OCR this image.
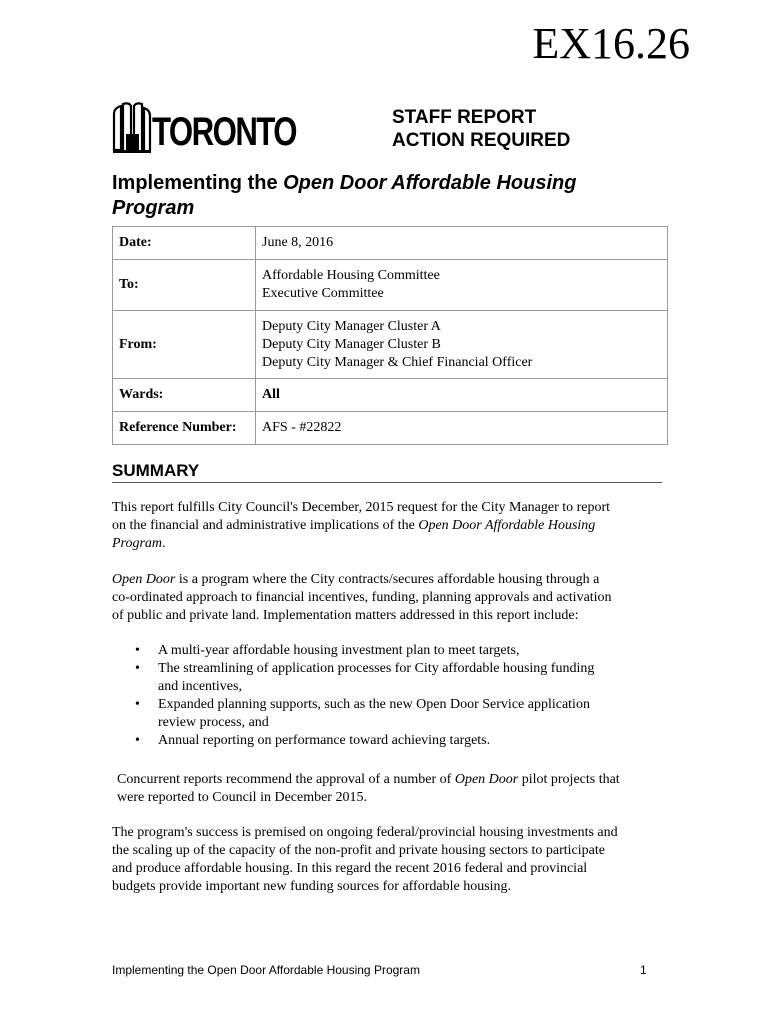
EX16.26
TORONTO	STAFF REPORT
ACTION REQUIRED
Implementing the Open Door Affordable Housing
Program
Date:	June 8, 2016
To:	Affordable Housing Committee
Executive Committee

From:	Deputy City Manager Cluster A
Deputy City Manager Cluster B
Deputy City Manager & Chief Financial Officer

Wards:	All
Reference Number:	AFS - #22822
SUMMARY

This report fulfills City Council's December, 2015 request for the City Manager to report

on the financial and administrative implications of the Open Door Affordable Housing

Program.

Open Door is a program where the City contracts/secures affordable housing through a

co-ordinated approach to financial incentives, funding, planning approvals and activation

of public and private land. Implementation matters addressed in this report include:

• A multi-year affordable housing investment plan to meet targets,
• The streamlining of application processes for City affordable housing funding
and incentives,
• Expanded planning supports, such as the new Open Door Service application
review process, and
• Annual reporting on performance toward achieving targets.

Concurrent reports recommend the approval of a number of Open Door pilot projects that

were reported to Council in December 2015.

The program's success is premised on ongoing federal/provincial housing investments and

the scaling up of the capacity of the non-profit and private housing sectors to participate

and produce affordable housing. In this regard the recent 2016 federal and provincial

budgets provide important new funding sources for affordable housing.

Implementing the Open Door Affordable Housing Program	1
